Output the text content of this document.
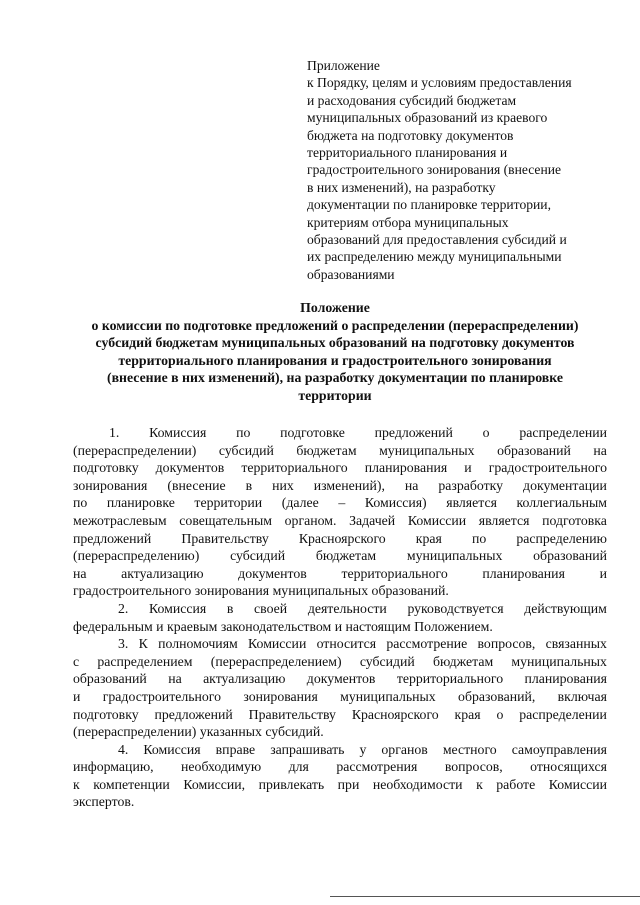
Приложение
к Порядку, целям и условиям предоставления
и расходования субсидий бюджетам
муниципальных образований из краевого
бюджета на подготовку документов
территориального планирования и
градостроительного зонирования (внесение
в них изменений), на разработку
документации по планировке территории,
критериям отбора муниципальных
образований для предоставления субсидий и
их распределению между муниципальными
образованиями
Положение
о комиссии по подготовке предложений о распределении (перераспределении)
субсидий бюджетам муниципальных образований на подготовку документов
территориального планирования и градостроительного зонирования
(внесение в них изменений), на разработку документации по планировке
территории
1. Комиссия по подготовке предложений о распределении
(перераспределении) субсидий бюджетам муниципальных образований на
подготовку документов территориального планирования и градостроительного
зонирования (внесение в них изменений), на разработку документации
по планировке территории (далее – Комиссия) является коллегиальным
межотраслевым совещательным органом. Задачей Комиссии является подготовка
предложений Правительству Красноярского края по распределению
(перераспределению) субсидий бюджетам муниципальных образований
на	актуализацию	документов	территориального	планирования	и
градостроительного зонирования муниципальных образований.
2. Комиссия в своей деятельности руководствуется действующим
федеральным и краевым законодательством и настоящим Положением.
3. К полномочиям Комиссии относится рассмотрение вопросов, связанных
с распределением (перераспределением) субсидий бюджетам муниципальных
образований на актуализацию документов территориального планирования
и градостроительного зонирования муниципальных образований, включая
подготовку предложений Правительству Красноярского края о распределении
(перераспределении) указанных субсидий.
4. Комиссия вправе запрашивать у органов местного самоуправления
информацию, необходимую для рассмотрения вопросов, относящихся
к компетенции Комиссии, привлекать при необходимости к работе Комиссии
экспертов.
